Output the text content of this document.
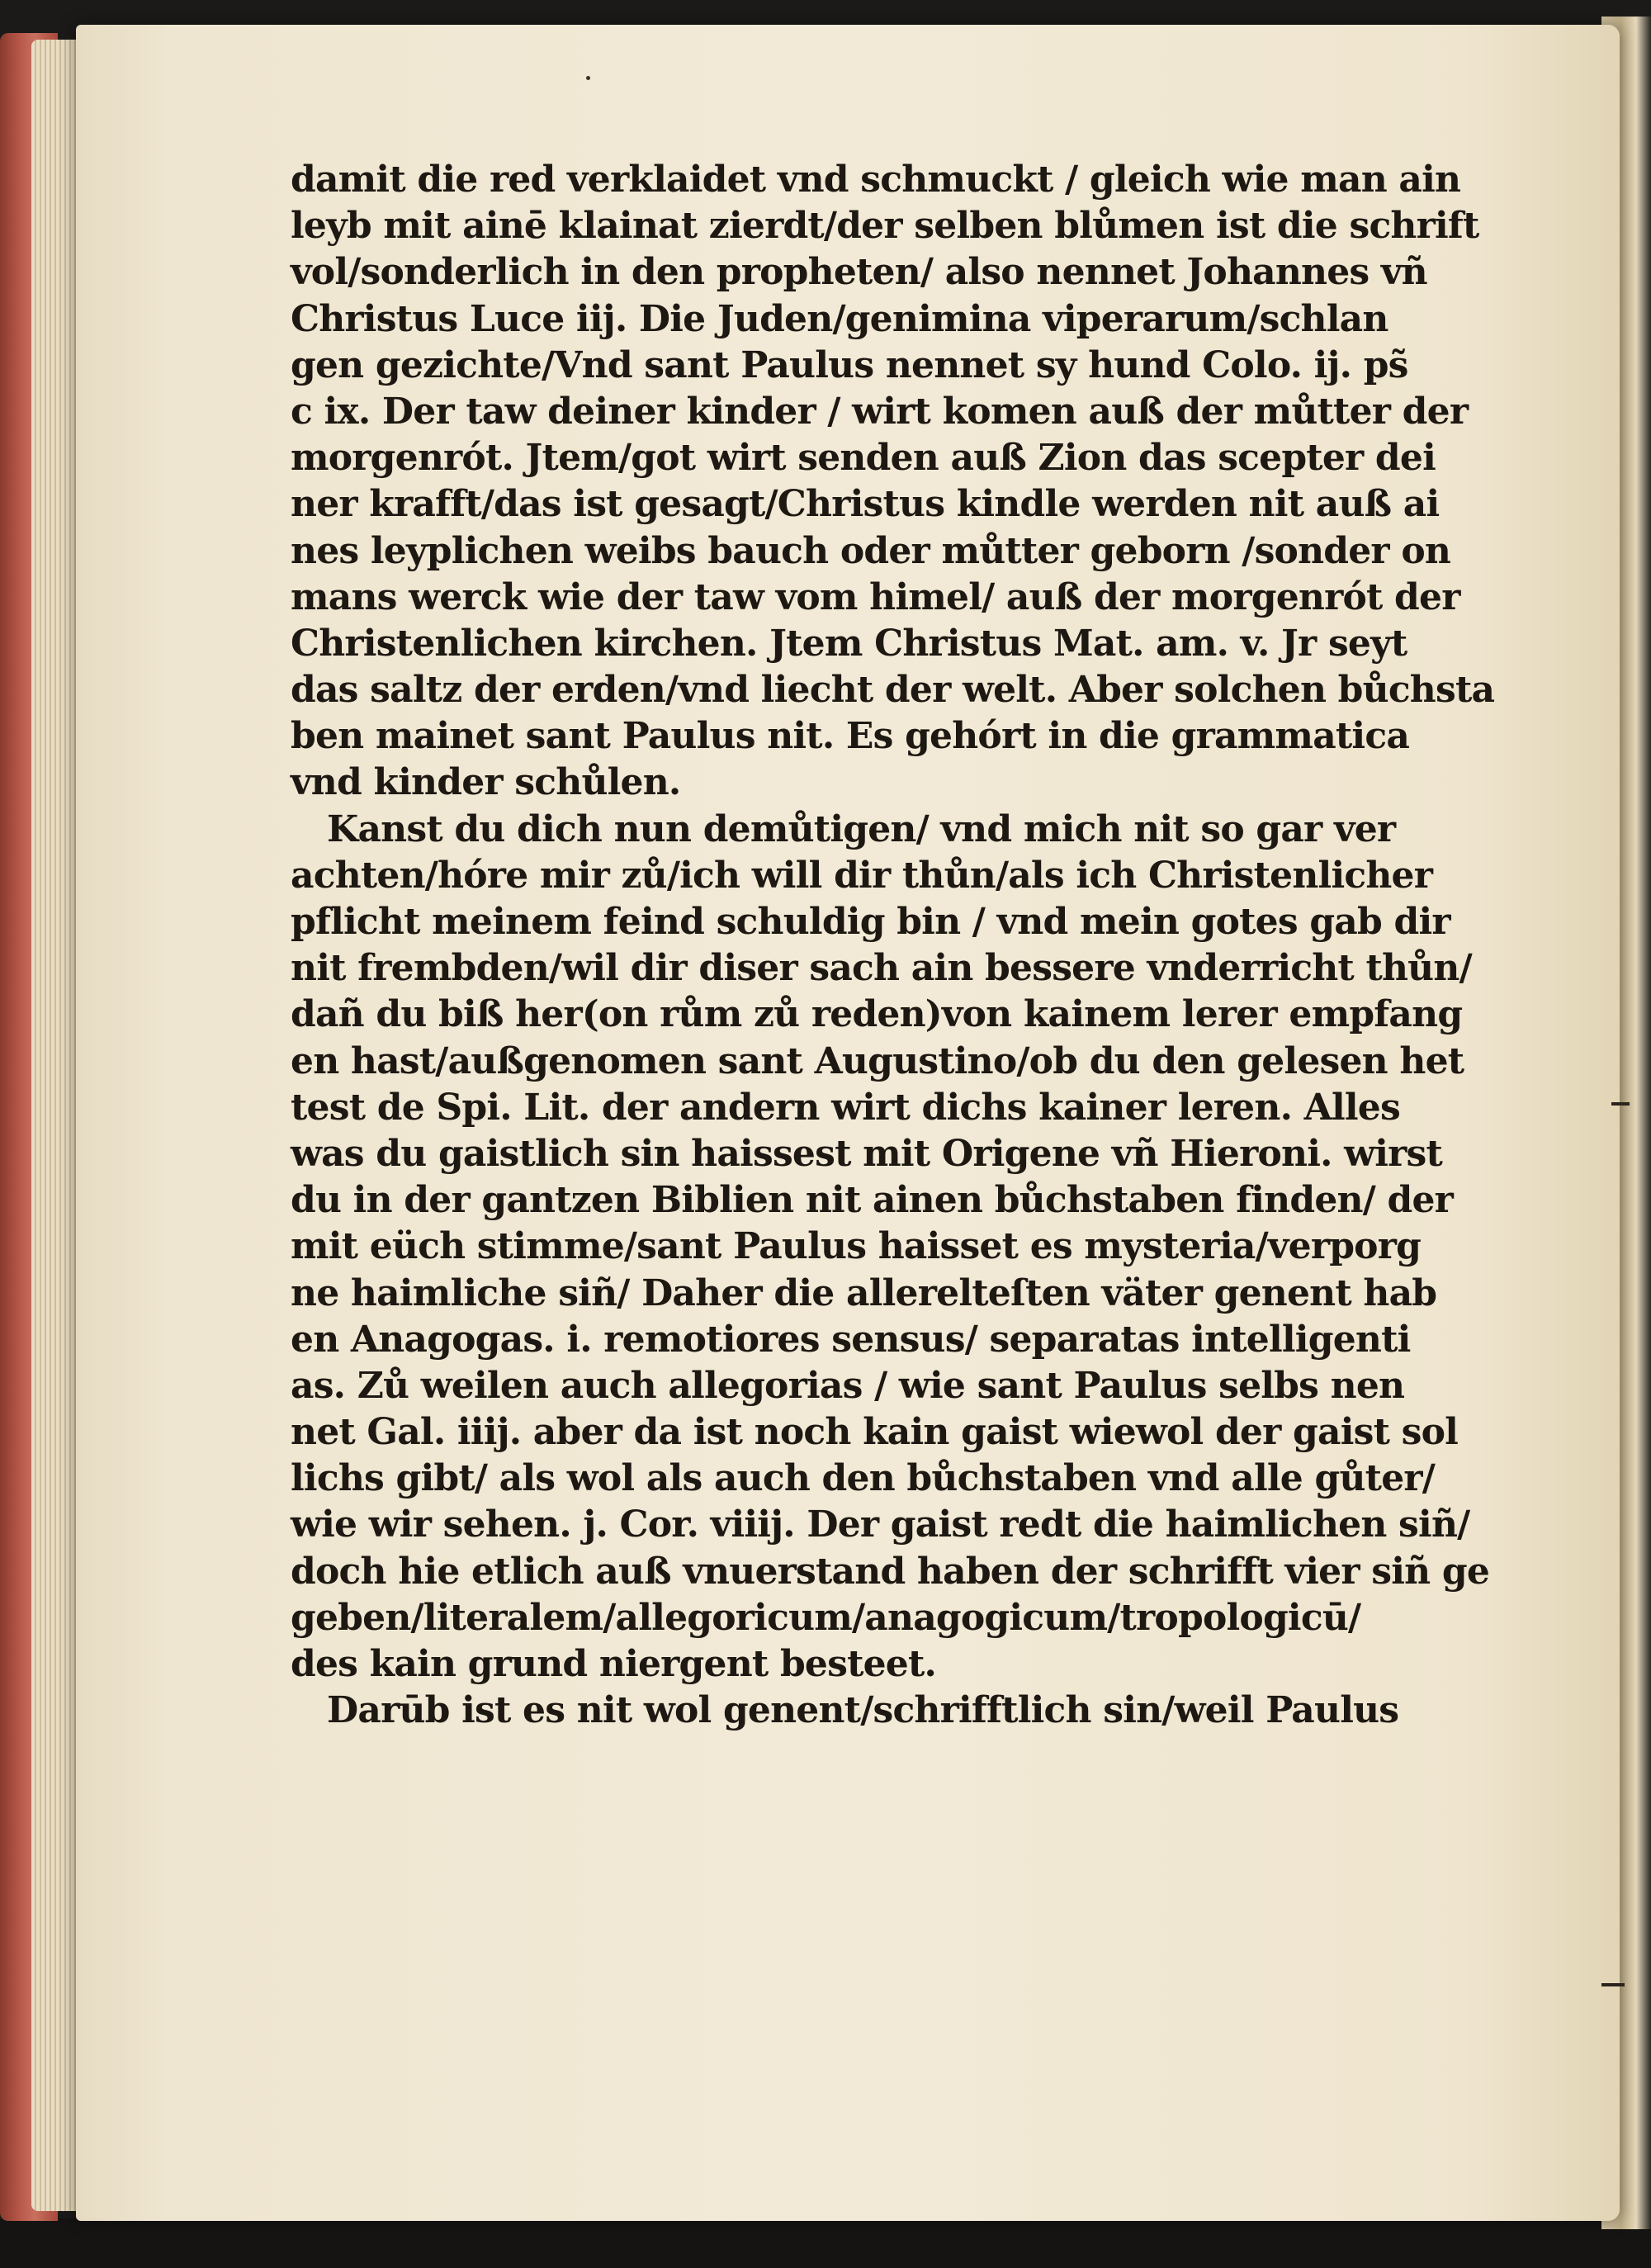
damit die red verklaidet vnd schmuckt / gleich wie man ain
leyb mit ainē klainat zierdt/der selben blůmen ist die schrift
vol/sonderlich in den propheten/ also nennet Johannes vñ
Christus Luce iij. Die Juden/genimina viperarum/schlan
gen gezichte/Vnd sant Paulus nennet sy hund Colo. ij. ps̃
c ix. Der taw deiner kinder / wirt komen auß der můtter der
morgenrót. Jtem/got wirt senden auß Zion das scepter dei
ner krafft/das ist gesagt/Christus kindle werden nit auß ai
nes leyplichen weibs bauch oder můtter geborn /sonder on
mans werck wie der taw vom himel/ auß der morgenrót der
Christenlichen kirchen. Jtem Christus Mat. am. v. Jr seyt
das saltz der erden/vnd liecht der welt. Aber solchen bůchsta
ben mainet sant Paulus nit. Es gehórt in die grammatica
vnd kinder schůlen.
Kanst du dich nun demůtigen/ vnd mich nit so gar ver
achten/hóre mir zů/ich will dir thůn/als ich Christenlicher
pflicht meinem feind schuldig bin / vnd mein gotes gab dir
nit frembden/wil dir diser sach ain bessere vnderricht thůn/
dañ du biß her(on rům zů reden)von kainem lerer empfang
en hast/außgenomen sant Augustino/ob du den gelesen het
test de Spi. Lit. der andern wirt dichs kainer leren. Alles
was du gaistlich sin haissest mit Origene vñ Hieroni. wirst
du in der gantzen Biblien nit ainen bůchstaben finden/ der
mit eüch stimme/sant Paulus haisset es mysteria/verporg
ne haimliche siñ/ Daher die allerelteſten väter genent hab
en Anagogas. i. remotiores sensus/ separatas intelligenti
as. Zů weilen auch allegorias / wie sant Paulus selbs nen
net Gal. iiij. aber da ist noch kain gaist wiewol der gaist sol
lichs gibt/ als wol als auch den bůchstaben vnd alle gůter/
wie wir sehen. j. Cor. viiij. Der gaist redt die haimlichen siñ/
doch hie etlich auß vnuerstand haben der schrifft vier siñ ge
geben/literalem/allegoricum/anagogicum/tropologicū/
des kain grund niergent besteet.
Darūb ist es nit wol genent/schrifftlich sin/weil Paulus
